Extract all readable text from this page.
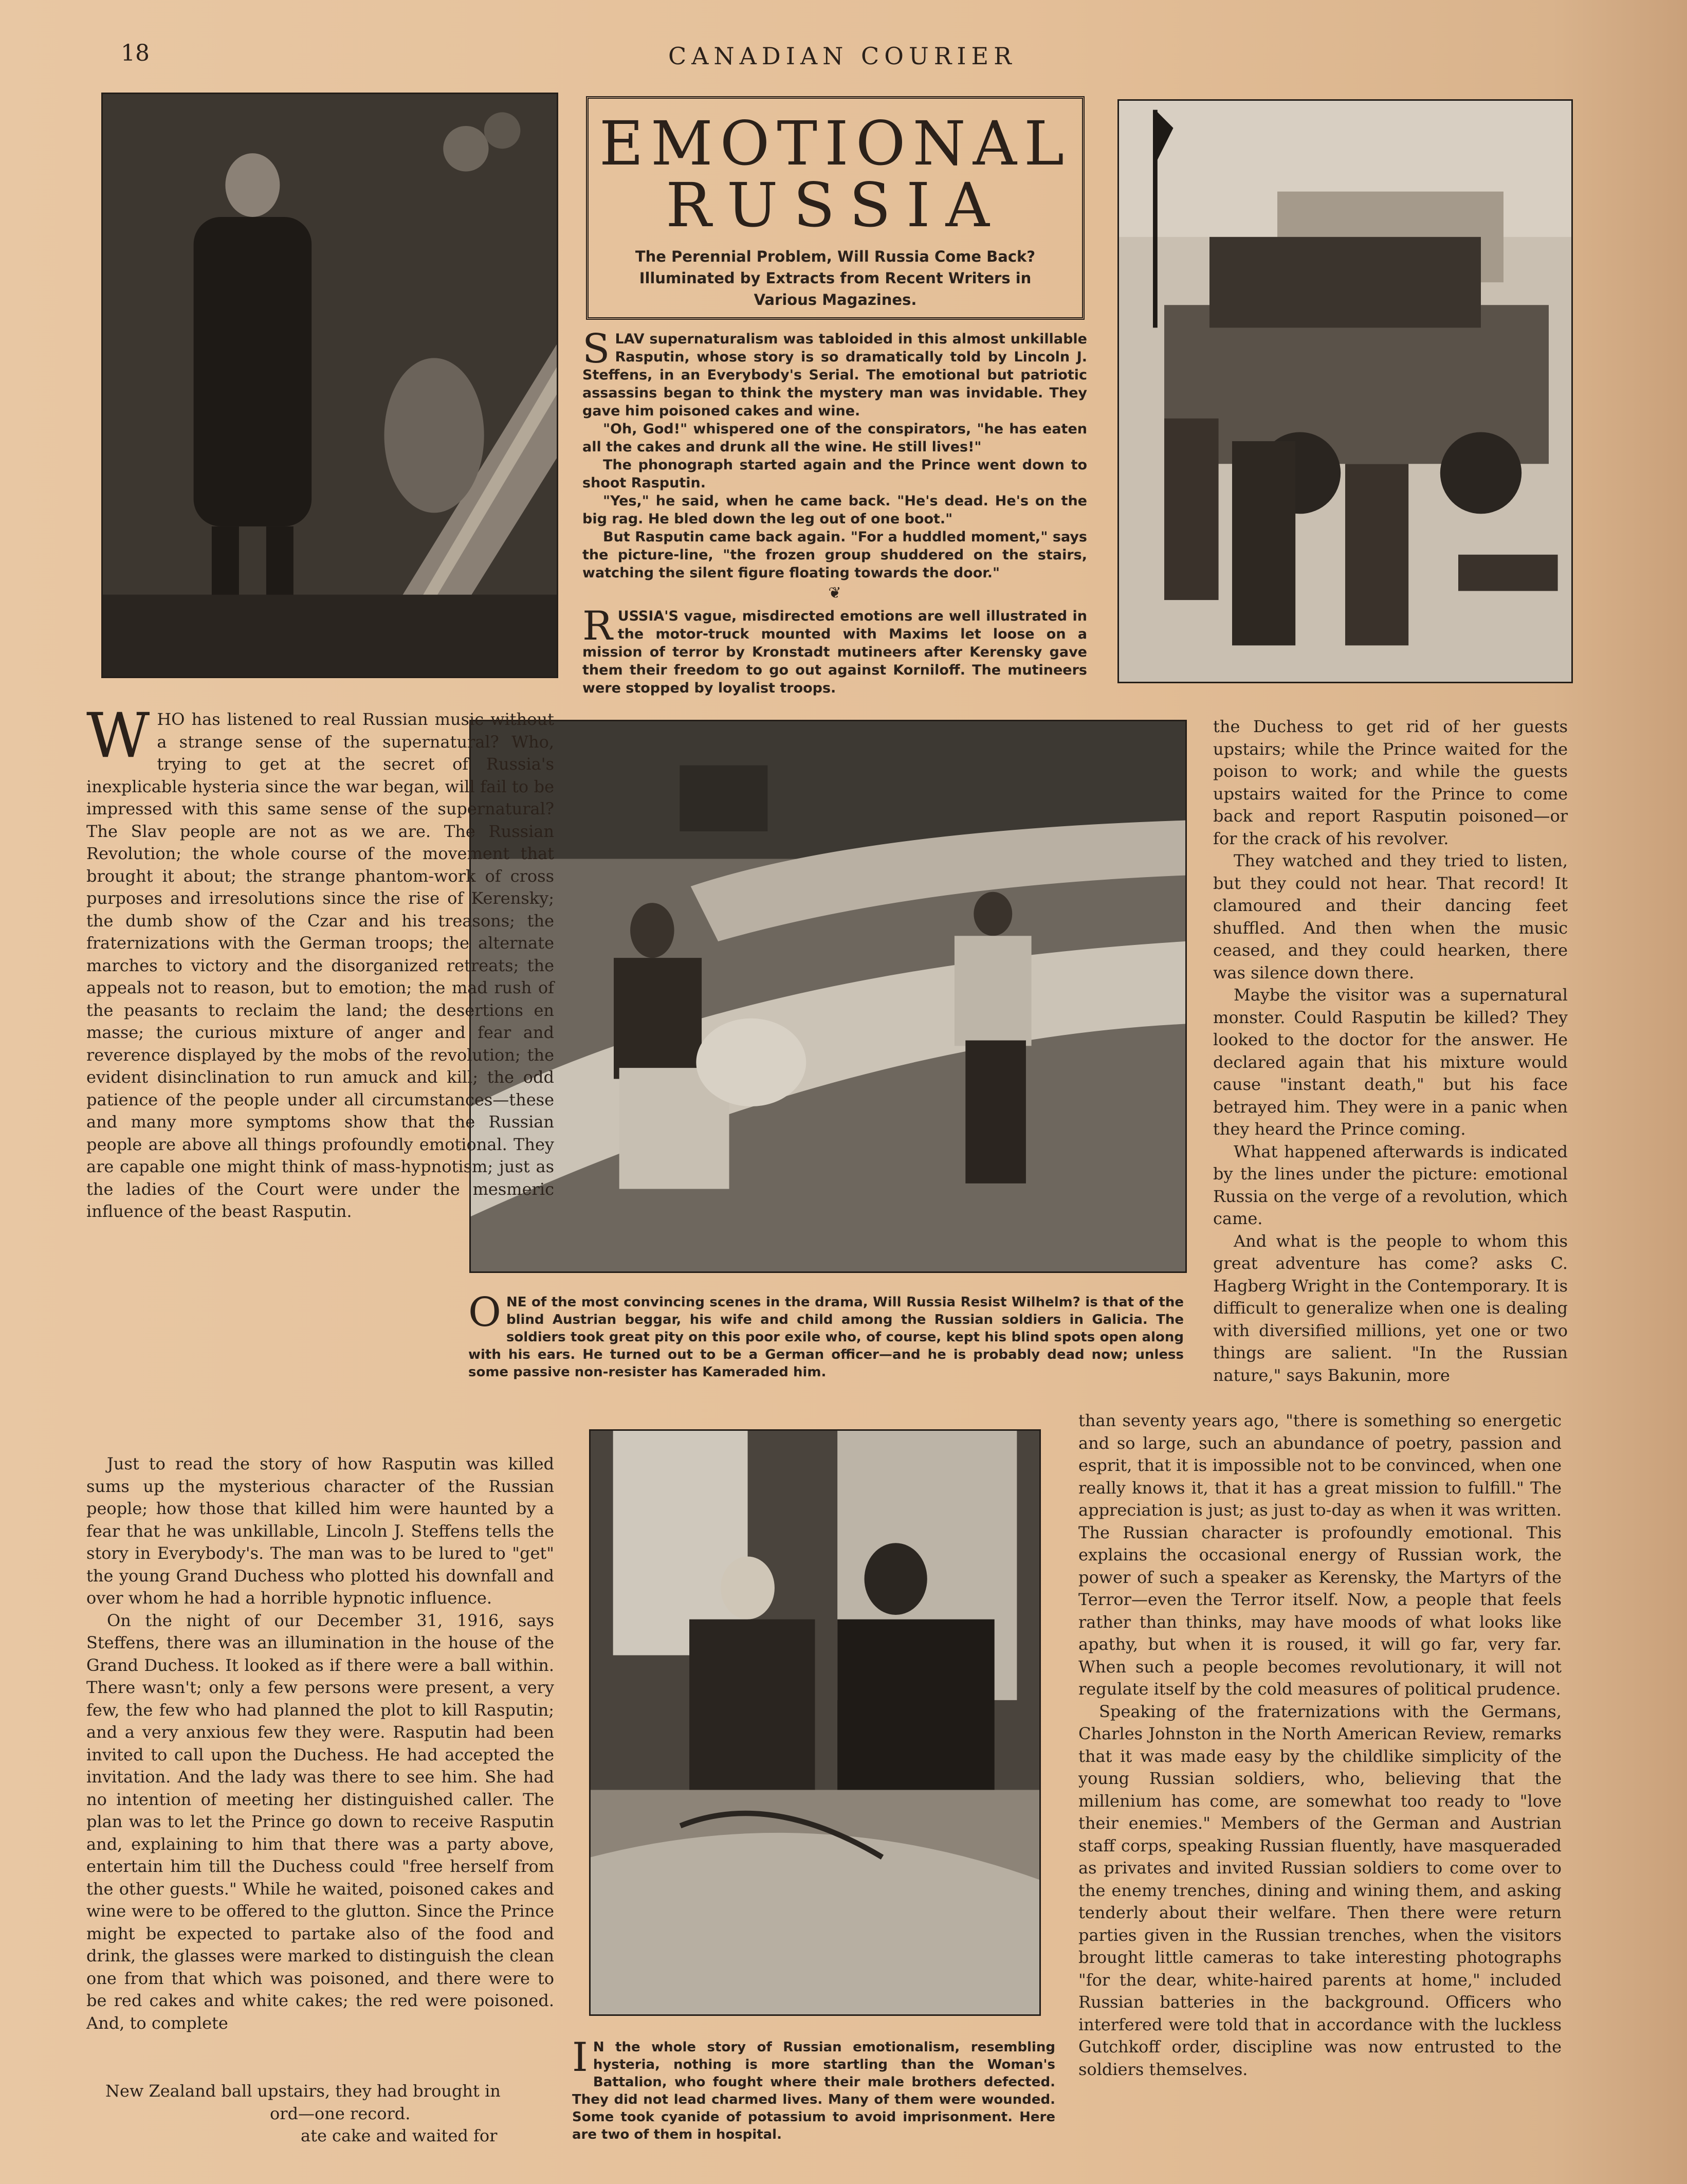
18	CANADIAN COURIER
EMOTIONAL
RUSSIA
The Perennial Problem, Will Russia Come Back? Illuminated by Extracts from Recent Writers in Various Magazines.

SLAV supernaturalism was tabloided in this almost unkillable Rasputin, whose story is so dramatically told by Lincoln J. Steffens, in an Everybody's Serial. The emotional but patriotic assassins began to think the mystery man was invidable. They gave him poisoned cakes and wine.

"Oh, God!" whispered one of the conspirators, "he has eaten all the cakes and drunk all the wine. He still lives!"

The phonograph started again and the Prince went down to shoot Rasputin.

"Yes," he said, when he came back. "He's dead. He's on the big rag. He bled down the leg out of one boot."

But Rasputin came back again. "For a huddled moment," says the picture-line, "the frozen group shuddered on the stairs, watching the silent figure floating towards the door."

❦

RUSSIA'S vague, misdirected emotions are well illustrated in the motor-truck mounted with Maxims let loose on a mission of terror by Kronstadt mutineers after Kerensky gave them their freedom to go out against Korniloff. The mutineers were stopped by loyalist troops.

ONE of the most convincing scenes in the drama, Will Russia Resist Wilhelm? is that of the blind Austrian beggar, his wife and child among the Russian soldiers in Galicia. The soldiers took great pity on this poor exile who, of course, kept his blind spots open along with his ears. He turned out to be a German officer—and he is probably dead now; unless some passive non-resister has Kameraded him.

I N the whole story of Russian emotionalism, resembling hysteria, nothing is more startling than the Woman's Battalion, who fought where their male brothers defected. They did not lead charmed lives. Many of them were wounded. Some took cyanide of potassium to avoid imprisonment. Here are two of them in hospital.

WHO has listened to real Russian music without a strange sense of the supernatural? Who, trying to get at the secret of Russia's inexplicable hysteria since the war began, will fail to be impressed with this same sense of the supernatural? The Slav people are not as we are. The Russian Revolution; the whole course of the movement that brought it about; the strange phantom-work of cross purposes and irresolutions since the rise of Kerensky; the dumb show of the Czar and his treasons; the fraternizations with the German troops; the alternate marches to victory and the disorganized retreats; the appeals not to reason, but to emotion; the mad rush of the peasants to reclaim the land; the desertions en masse; the curious mixture of anger and fear and reverence displayed by the mobs of the revolution; the evident disinclination to run amuck and kill; the odd patience of the people under all circumstances—these and many more symptoms show that the Russian people are above all things profoundly emotional. They are capable one might think of mass-hypnotism; just as the ladies of the Court were under the mesmeric influence of the beast Rasputin.

Just to read the story of how Rasputin was killed sums up the mysterious character of the Russian people; how those that killed him were haunted by a fear that he was unkillable, Lincoln J. Steffens tells the story in Everybody's. The man was to be lured to "get" the young Grand Duchess who plotted his downfall and over whom he had a horrible hypnotic influence.

On the night of our December 31, 1916, says Steffens, there was an illumination in the house of the Grand Duchess. It looked as if there were a ball within. There wasn't; only a few persons were present, a very few, the few who had planned the plot to kill Rasputin; and a very anxious few they were. Rasputin had been invited to call upon the Duchess. He had accepted the invitation. And the lady was there to see him. She had no intention of meeting her distinguished caller. The plan was to let the Prince go down to receive Rasputin and, explaining to him that there was a party above, entertain him till the Duchess could "free herself from the other guests." While he waited, poisoned cakes and wine were to be offered to the glutton. Since the Prince might be expected to partake also of the food and drink, the glasses were marked to distinguish the clean one from that which was poisoned, and there were to be red cakes and white cakes; the red were poisoned. And, to complete

New Zealand ball upstairs, they had brought in
ord—one record.
ate cake and waited for

the Duchess to get rid of her guests upstairs; while the Prince waited for the poison to work; and while the guests upstairs waited for the Prince to come back and report Rasputin poisoned—or for the crack of his revolver.

They watched and they tried to listen, but they could not hear. That record! It clamoured and their dancing feet shuffled. And then when the music ceased, and they could hearken, there was silence down there.

Maybe the visitor was a supernatural monster. Could Rasputin be killed? They looked to the doctor for the answer. He declared again that his mixture would cause "instant death," but his face betrayed him. They were in a panic when they heard the Prince coming.

What happened afterwards is indicated by the lines under the picture: emotional Russia on the verge of a revolution, which came.

And what is the people to whom this great adventure has come? asks C. Hagberg Wright in the Contemporary. It is difficult to generalize when one is dealing with diversified millions, yet one or two things are salient. "In the Russian nature," says Bakunin, more

than seventy years ago, "there is something so energetic and so large, such an abundance of poetry, passion and esprit, that it is impossible not to be convinced, when one really knows it, that it has a great mission to fulfill." The appreciation is just; as just to-day as when it was written. The Russian character is profoundly emotional. This explains the occasional energy of Russian work, the power of such a speaker as Kerensky, the Martyrs of the Terror—even the Terror itself. Now, a people that feels rather than thinks, may have moods of what looks like apathy, but when it is roused, it will go far, very far. When such a people becomes revolutionary, it will not regulate itself by the cold measures of political prudence.

Speaking of the fraternizations with the Germans, Charles Johnston in the North American Review, remarks that it was made easy by the childlike simplicity of the young Russian soldiers, who, believing that the millenium has come, are somewhat too ready to "love their enemies." Members of the German and Austrian staff corps, speaking Russian fluently, have masqueraded as privates and invited Russian soldiers to come over to the enemy trenches, dining and wining them, and asking tenderly about their welfare. Then there were return parties given in the Russian trenches, when the visitors brought little cameras to take interesting photographs "for the dear, white-haired parents at home," included Russian batteries in the background. Officers who interfered were told that in accordance with the luckless Gutchkoff order, discipline was now entrusted to the soldiers themselves.
